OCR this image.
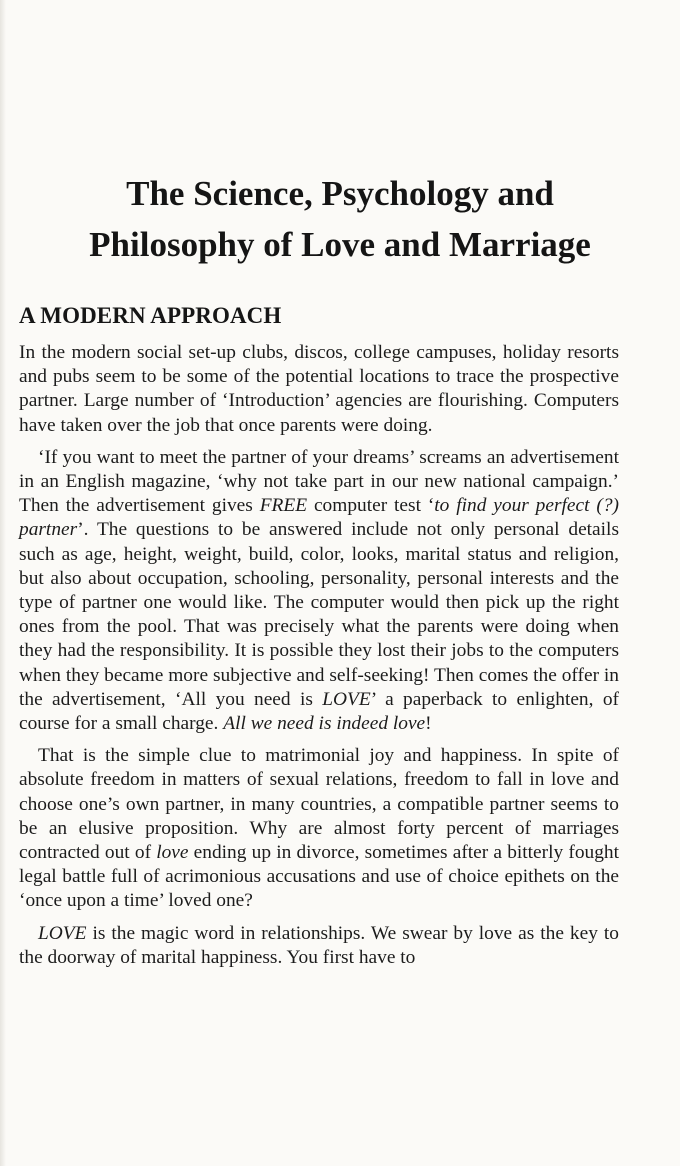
The Science, Psychology and
Philosophy of Love and Marriage
A MODERN APPROACH

In the modern social set-up clubs, discos, college campuses, holiday resorts and pubs seem to be some of the potential locations to trace the prospective partner. Large number of ‘Introduction’ agencies are flourishing. Computers have taken over the job that once parents were doing.

‘If you want to meet the partner of your dreams’ screams an advertisement in an English magazine, ‘why not take part in our new national campaign.’ Then the advertisement gives FREE computer test ‘to find your perfect (?) partner’. The questions to be answered include not only personal details such as age, height, weight, build, color, looks, marital status and religion, but also about occupation, schooling, personality, personal interests and the type of partner one would like. The computer would then pick up the right ones from the pool. That was precisely what the parents were doing when they had the responsibility. It is possible they lost their jobs to the computers when they became more subjective and self-seeking! Then comes the offer in the advertisement, ‘All you need is LOVE’ a paperback to enlighten, of course for a small charge. All we need is indeed love!

That is the simple clue to matrimonial joy and happiness. In spite of absolute freedom in matters of sexual relations, freedom to fall in love and choose one’s own partner, in many countries, a compatible partner seems to be an elusive proposition. Why are almost forty percent of marriages contracted out of love ending up in divorce, sometimes after a bitterly fought legal battle full of acrimonious accusations and use of choice epithets on the ‘once upon a time’ loved one?

LOVE is the magic word in relationships. We swear by love as the key to the doorway of marital happiness. You first have to
